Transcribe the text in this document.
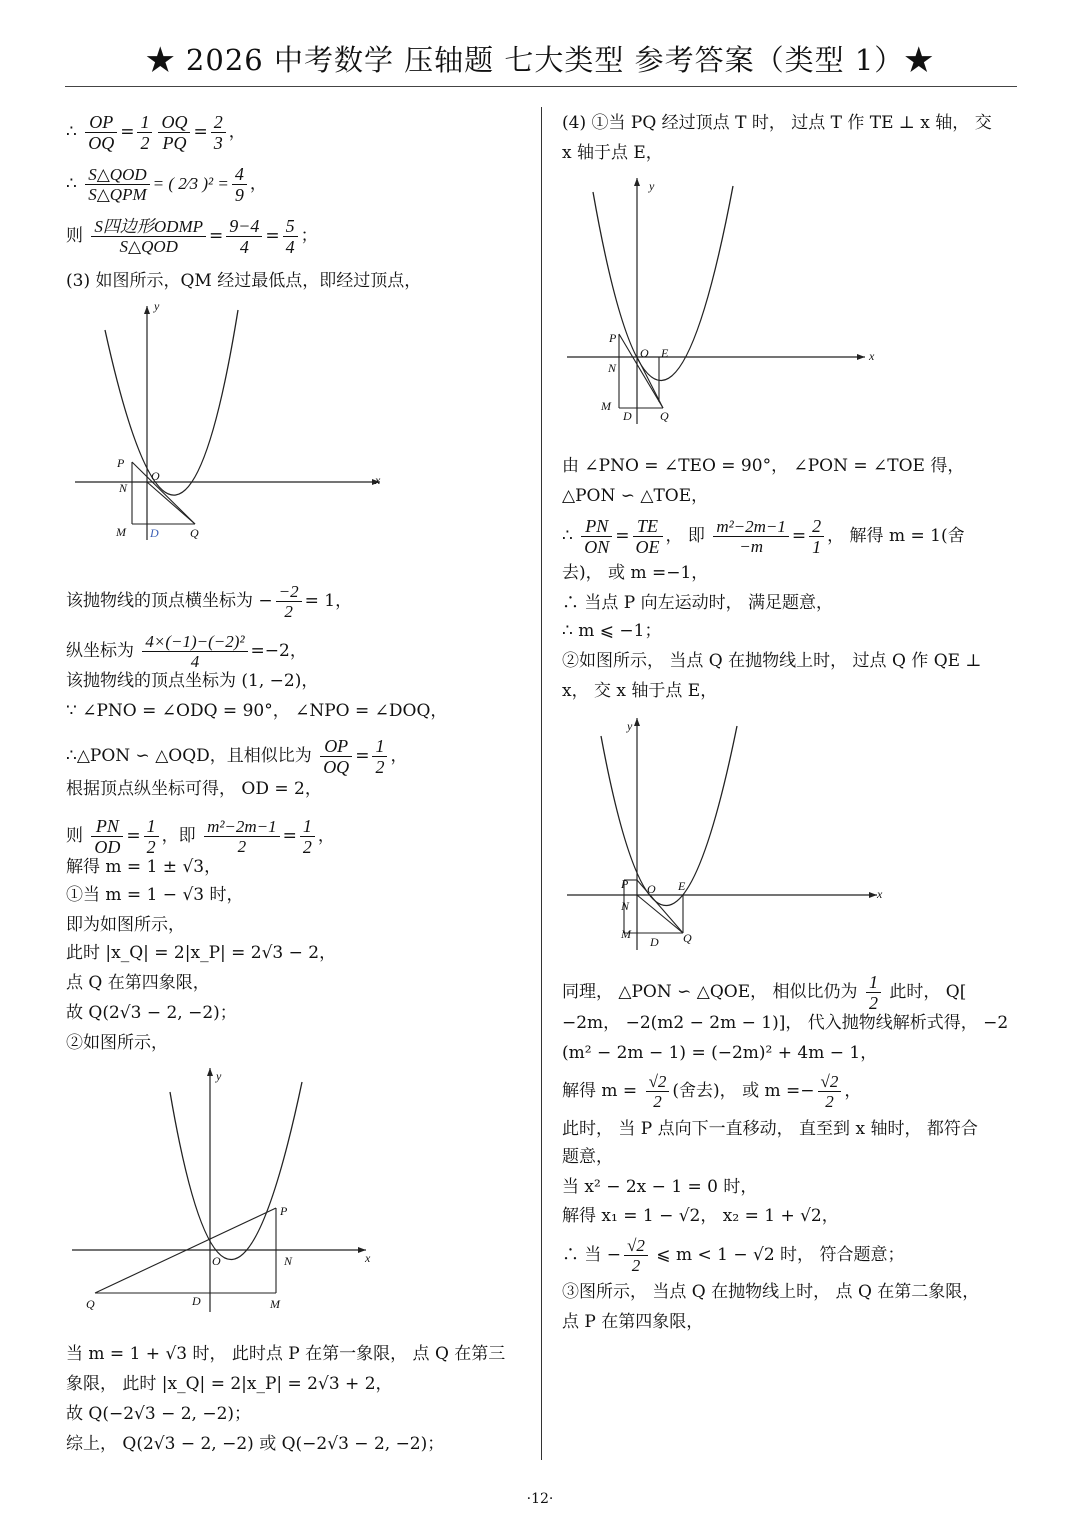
★ 2026 中考数学 压轴题 七大类型 参考答案（类型 1）★
∴ $\frac{OP}{OQ} = \frac{1}{2} \frac{OQ}{PQ} = \frac{2}{3}$ ，
∴ $\frac{\text{S△QOD}}{\text{S△QPM}}$ = ( 2⁄3 )$^2 = \frac{4}{9}$ ，
则 $\frac{\text{S四边形ODMP}}{\text{S△QOD}} = \frac{9-4}{4} = \frac{5}{4}$ ；
(3) 如图所示，QM 经过最低点，即经过顶点，
y
x
P
O
N
M D	Q
该抛物线的顶点横坐标为 − $\frac{-2}{2} = 1$，
纵坐标为 $\frac{\text{4×(−1)−(−2)²}}{4} =-2$，
该抛物线的顶点坐标为 (1, −2)，
∵ ∠PNO = ∠ODQ = 90°， ∠NPO = ∠DOQ，
∴△PON ∽ △OQD，且相似比为 $\frac{OP}{OQ} = \frac{1}{2}$ ，
根据顶点纵坐标可得， OD = 2，
则 $\frac{PN}{OD} = \frac{1}{2}$ ，即 $\frac{\text{m²−2m−1}}{2} = \frac{1}{2}$ ，
解得 m = 1 ± √3，
①当 m = 1 − √3 时，
即为如图所示，
此时 |x_Q| = 2|x_P| = 2√3 − 2，
点 Q 在第四象限，
故 Q(2√3 − 2, −2)；
②如图所示，
y
x
P
O	N
Q	D	M
当 m = 1 + √3 时， 此时点 P 在第一象限， 点 Q 在第三
象限， 此时 |x_Q| = 2|x_P| = 2√3 + 2，
故 Q(−2√3 − 2, −2)；
综上， Q(2√3 − 2, −2) 或 Q(−2√3 − 2, −2)；
(4) ①当 PQ 经过顶点 T 时， 过点 T 作 TE ⊥ x 轴， 交
x 轴于点 E，
y
x
P
O E
N
M
D Q
由 ∠PNO = ∠TEO = 90°， ∠PON = ∠TOE 得，
△PON ∽ △TOE，
∴ $\frac{PN}{ON} = \frac{TE}{OE}$ ， 即 $\frac{\text{m²−2m−1}}{-m} = \frac{2}{1}$ ， 解得 m = 1(舍
去)， 或 m =−1，
∴ 当点 P 向左运动时， 满足题意，
∴ m ⩽ −1；
②如图所示， 当点 Q 在抛物线上时， 过点 Q 作 QE ⊥
x， 交 x 轴于点 E，
y
x
P O E
N
M
D Q
同理， △PON ∽ △QOE， 相似比仍为 $\frac{1}{2}$ 此时， Q[
−2m， −2(m2 − 2m − 1)]， 代入抛物线解析式得， −2
(m² − 2m − 1) = (−2m)² + 4m − 1，
解得 $m = \frac{√2}{2}$ (舍去)， 或 $m =- \frac{√2}{2}$ ，
此时， 当 P 点向下一直移动， 直至到 x 轴时， 都符合
题意，
当 x² − 2x − 1 = 0 时，
解得 x₁ = 1 − √2， x₂ = 1 + √2，
∴ 当 − $\frac{√2}{2}$ ⩽ m < 1 − √2 时， 符合题意；
③图所示， 当点 Q 在抛物线上时， 点 Q 在第二象限，
点 P 在第四象限，
·12·
